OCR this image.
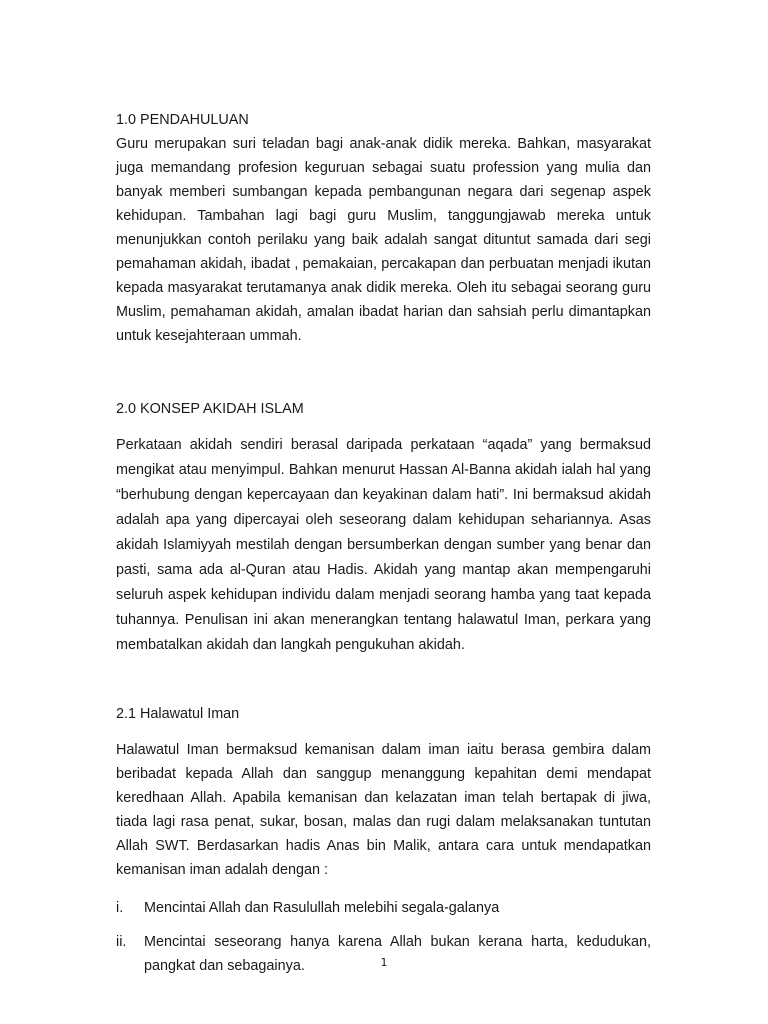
1.0 PENDAHULUAN

Guru merupakan suri teladan bagi anak-anak didik mereka. Bahkan, masyarakat juga memandang profesion keguruan sebagai suatu profession yang mulia dan banyak memberi sumbangan kepada pembangunan negara dari segenap aspek kehidupan. Tambahan lagi bagi guru Muslim, tanggungjawab mereka untuk menunjukkan contoh perilaku yang baik adalah sangat dituntut samada dari segi pemahaman akidah, ibadat , pemakaian, percakapan dan perbuatan menjadi ikutan kepada masyarakat terutamanya anak didik mereka. Oleh itu sebagai seorang guru Muslim, pemahaman akidah, amalan ibadat harian dan sahsiah perlu dimantapkan untuk kesejahteraan ummah.

2.0 KONSEP AKIDAH ISLAM

Perkataan akidah sendiri berasal daripada perkataan “aqada” yang bermaksud mengikat atau menyimpul. Bahkan menurut Hassan Al-Banna akidah ialah hal yang “berhubung dengan kepercayaan dan keyakinan dalam hati”. Ini bermaksud akidah adalah apa yang dipercayai oleh seseorang dalam kehidupan sehariannya. Asas akidah Islamiyyah mestilah dengan bersumberkan dengan sumber yang benar dan pasti, sama ada al-Quran atau Hadis. Akidah yang mantap akan mempengaruhi seluruh aspek kehidupan individu dalam menjadi seorang hamba yang taat kepada tuhannya. Penulisan ini akan menerangkan tentang halawatul Iman, perkara yang membatalkan akidah dan langkah pengukuhan akidah.

2.1 Halawatul Iman

Halawatul Iman bermaksud kemanisan dalam iman iaitu berasa gembira dalam beribadat kepada Allah dan sanggup menanggung kepahitan demi mendapat keredhaan Allah. Apabila kemanisan dan kelazatan iman telah bertapak di jiwa, tiada lagi rasa penat, sukar, bosan, malas dan rugi dalam melaksanakan tuntutan Allah SWT. Berdasarkan hadis Anas bin Malik, antara cara untuk mendapatkan kemanisan iman adalah dengan :

i.	Mencintai Allah dan Rasulullah melebihi segala-galanya
ii.	Mencintai seseorang hanya karena Allah bukan kerana harta, kedudukan, pangkat dan sebagainya.	1
